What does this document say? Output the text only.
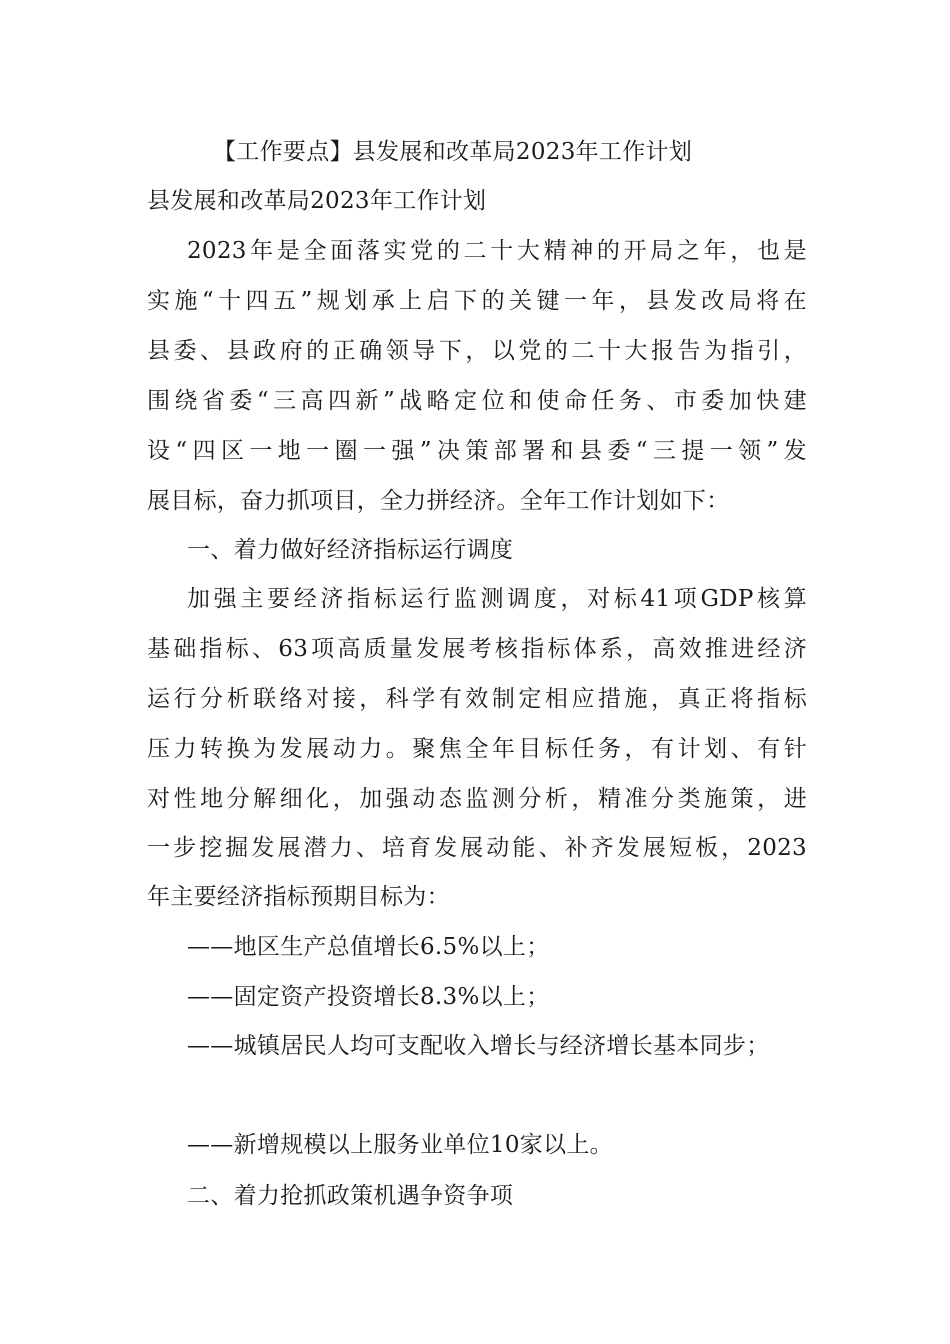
【工作要点】县发展和改革局2023年工作计划
县发展和改革局2023年工作计划
2023年是全面落实党的二十大精神的开局之年，也是
实施“十四五”规划承上启下的关键一年，县发改局将在
县委、县政府的正确领导下，以党的二十大报告为指引，
围绕省委“三高四新”战略定位和使命任务、市委加快建
设“四区一地一圈一强”决策部署和县委“三提一领”发
展目标，奋力抓项目，全力拼经济。全年工作计划如下：
一、着力做好经济指标运行调度
加强主要经济指标运行监测调度，对标41项GDP核算
基础指标、63项高质量发展考核指标体系，高效推进经济
运行分析联络对接，科学有效制定相应措施，真正将指标
压力转换为发展动力。聚焦全年目标任务，有计划、有针
对性地分解细化，加强动态监测分析，精准分类施策，进
一步挖掘发展潜力、培育发展动能、补齐发展短板，2023
年主要经济指标预期目标为：
——地区生产总值增长6.5%以上；
——固定资产投资增长8.3%以上；
——城镇居民人均可支配收入增长与经济增长基本同步；
——新增规模以上服务业单位10家以上。
二、着力抢抓政策机遇争资争项
